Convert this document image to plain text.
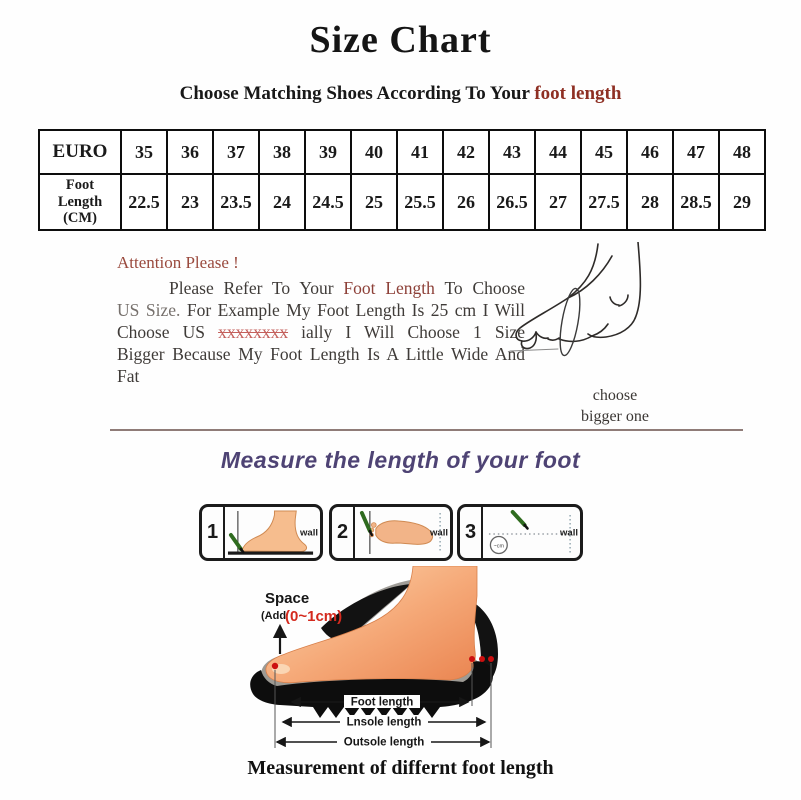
Size Chart
Choose Matching Shoes According To Your foot length
EURO	35	36	37	38	39	40	41	42	43	44	45	46	47	48
Foot Length (CM)	22.5	23	23.5	24	24.5	25	25.5	26	26.5	27	27.5	28	28.5	29
Attention Please !

Please Refer To Your Foot Length To Choose US Size. For Example My Foot Length Is 25 cm I Will Choose US xxxxxxxx ially I Will Choose 1 Size Bigger Because My Foot Length Is A Little Wide And Fat

choose
bigger one
Measure the length of your foot
1	wall 2	wall 3
~cm
wall
Space
(Add
(0~1cm)
Foot length
Lnsole length
Outsole length
Measurement of differnt foot length
